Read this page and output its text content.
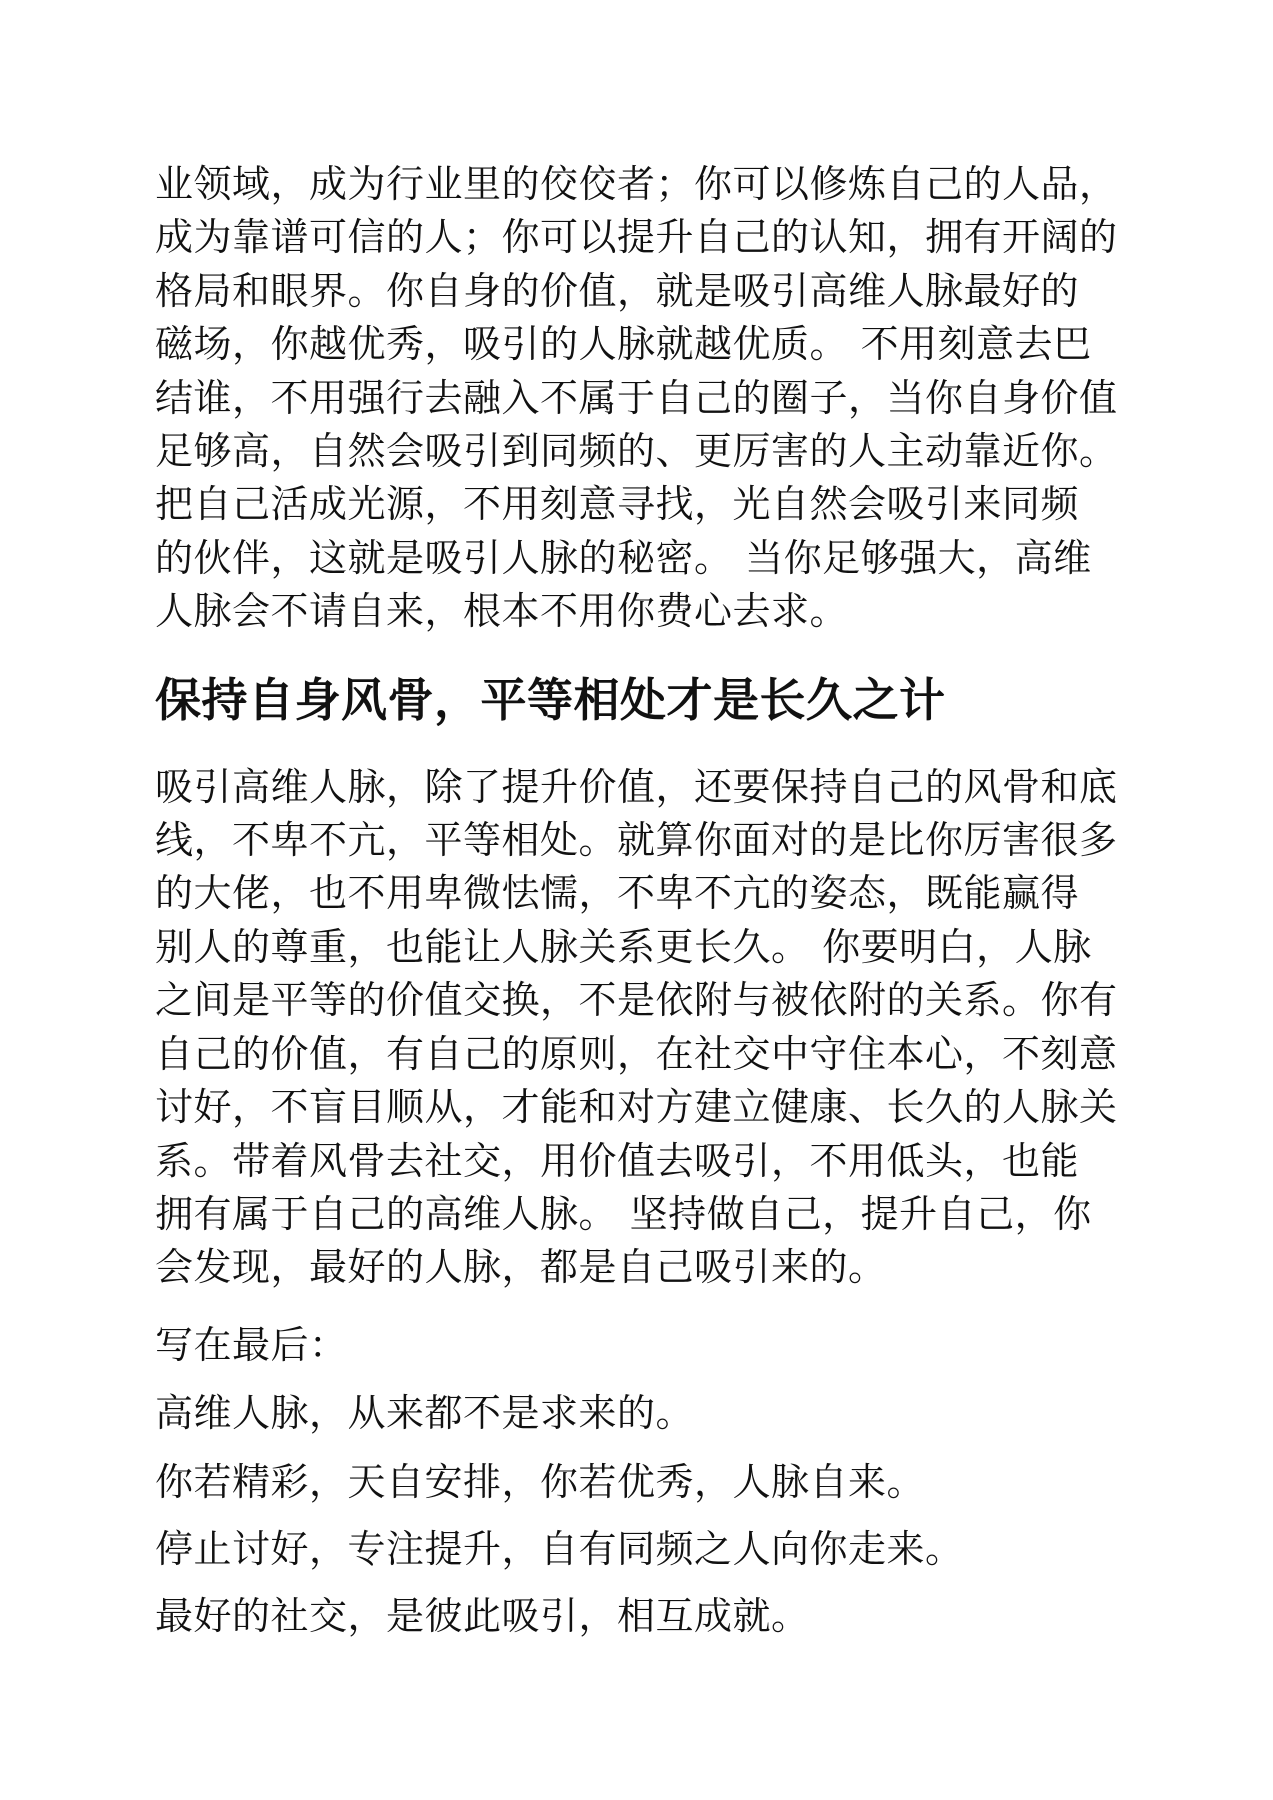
业领域，成为行业里的佼佼者；你可以修炼自己的人品，
成为靠谱可信的人；你可以提升自己的认知，拥有开阔的
格局和眼界。你自身的价值，就是吸引高维人脉最好的
磁场，你越优秀，吸引的人脉就越优质。 不用刻意去巴
结谁，不用强行去融入不属于自己的圈子，当你自身价值
足够高，自然会吸引到同频的、更厉害的人主动靠近你。
把自己活成光源，不用刻意寻找，光自然会吸引来同频
的伙伴，这就是吸引人脉的秘密。 当你足够强大，高维
人脉会不请自来，根本不用你费心去求。

保持自身风骨，平等相处才是长久之计

吸引高维人脉，除了提升价值，还要保持自己的风骨和底
线，不卑不亢，平等相处。就算你面对的是比你厉害很多
的大佬，也不用卑微怯懦，不卑不亢的姿态，既能赢得
别人的尊重，也能让人脉关系更长久。 你要明白，人脉
之间是平等的价值交换，不是依附与被依附的关系。你有
自己的价值，有自己的原则，在社交中守住本心，不刻意
讨好，不盲目顺从，才能和对方建立健康、长久的人脉关
系。带着风骨去社交，用价值去吸引，不用低头，也能
拥有属于自己的高维人脉。 坚持做自己，提升自己，你
会发现，最好的人脉，都是自己吸引来的。

写在最后：

高维人脉，从来都不是求来的。

你若精彩，天自安排，你若优秀，人脉自来。

停止讨好，专注提升，自有同频之人向你走来。

最好的社交，是彼此吸引，相互成就。
